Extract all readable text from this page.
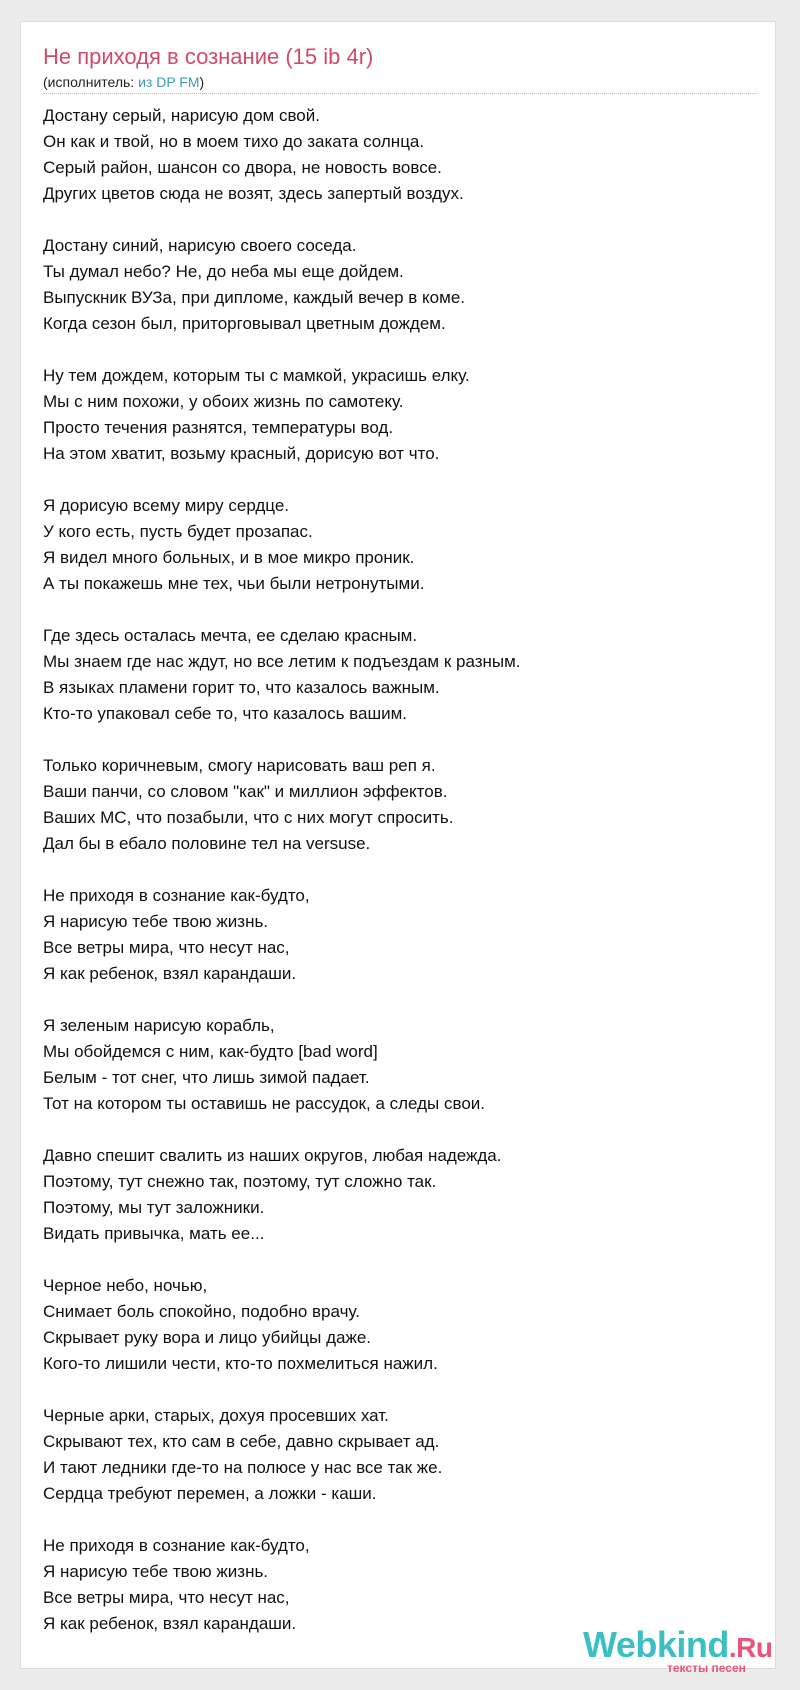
Не приходя в сознание (15 ib 4r)
(исполнитель: из DP FM)
Достану серый, нарисую дом свой.
Он как и твой, но в моем тихо до заката солнца.
Серый район, шансон со двора, не новость вовсе.
Других цветов сюда не возят, здесь запертый воздух.
Достану синий, нарисую своего соседа.
Ты думал небо? Не, до неба мы еще дойдем.
Выпускник ВУЗа, при дипломе, каждый вечер в коме.
Когда сезон был, приторговывал цветным дождем.
Ну тем дождем, которым ты с мамкой, украсишь елку.
Мы с ним похожи, у обоих жизнь по самотеку.
Просто течения разнятся, температуры вод.
На этом хватит, возьму красный, дорисую вот что.
Я дорисую всему миру сердце.
У кого есть, пусть будет прозапас.
Я видел много больных, и в мое микро проник.
А ты покажешь мне тех, чьи были нетронутыми.
Где здесь осталась мечта, ее сделаю красным.
Мы знаем где нас ждут, но все летим к подъездам к разным.
В языках пламени горит то, что казалось важным.
Кто-то упаковал себе то, что казалось вашим.
Только коричневым, смогу нарисовать ваш реп я.
Ваши панчи, со словом "как" и миллион эффектов.
Ваших МС, что позабыли, что с них могут спросить.
Дал бы в ебало половине тел на versuse.
Не приходя в сознание как-будто,
Я нарисую тебе твою жизнь.
Все ветры мира, что несут нас,
Я как ребенок, взял карандаши.
Я зеленым нарисую корабль,
Мы обойдемся с ним, как-будто [bad word]
Белым - тот снег, что лишь зимой падает.
Тот на котором ты оставишь не рассудок, а следы свои.
Давно спешит свалить из наших округов, любая надежда.
Поэтому, тут снежно так, поэтому, тут сложно так.
Поэтому, мы тут заложники.
Видать привычка, мать ее...
Черное небо, ночью,
Снимает боль спокойно, подобно врачу.
Скрывает руку вора и лицо убийцы даже.
Кого-то лишили чести, кто-то похмелиться нажил.
Черные арки, старых, дохуя просевших хат.
Скрывают тех, кто сам в себе, давно скрывает ад.
И тают ледники где-то на полюсе у нас все так же.
Сердца требуют перемен, а ложки - каши.
Не приходя в сознание как-будто,
Я нарисую тебе твою жизнь.
Все ветры мира, что несут нас,
Я как ребенок, взял карандаши.
Webkind.Ru
тексты песен
